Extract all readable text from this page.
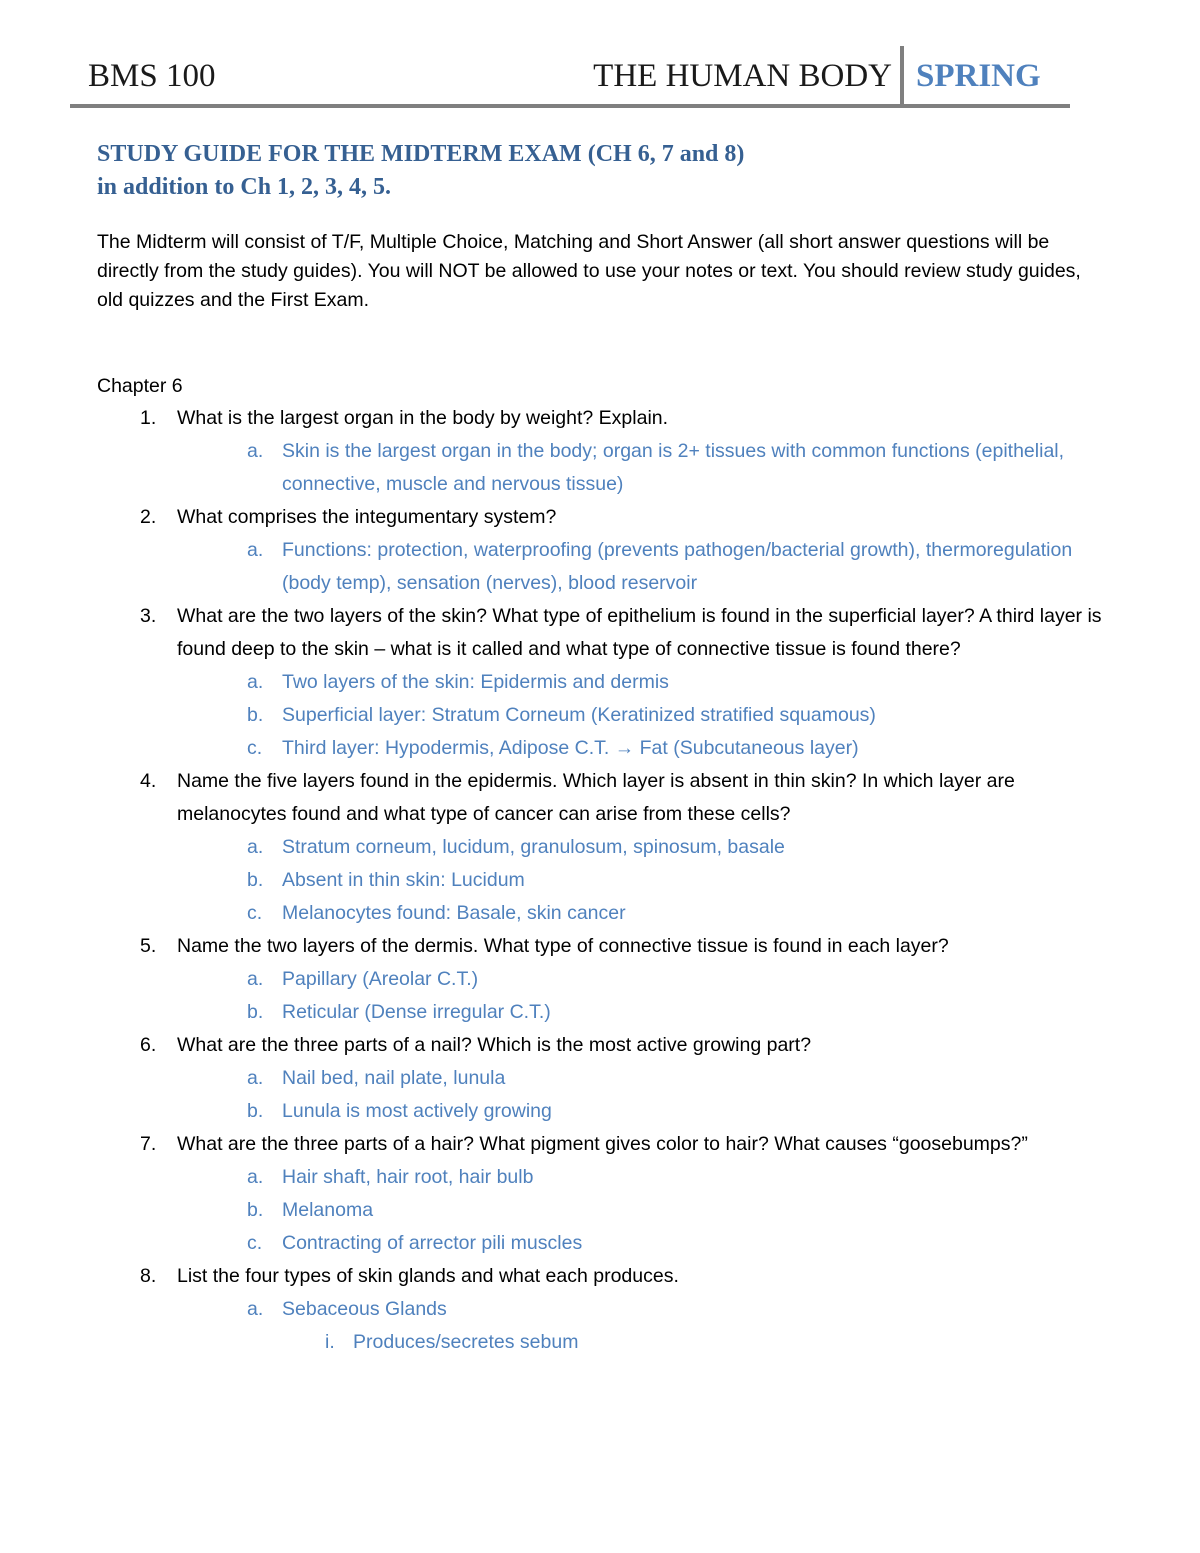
BMS 100	THE HUMAN BODY SPRING
STUDY GUIDE FOR THE MIDTERM EXAM (CH 6, 7 and 8)
in addition to Ch 1, 2, 3, 4, 5.
The Midterm will consist of T/F, Multiple Choice, Matching and Short Answer (all short answer questions will be directly from the study guides). You will NOT be allowed to use your notes or text. You should review study guides, old quizzes and the First Exam.
Chapter 6
1. What is the largest organ in the body by weight? Explain.
a. Skin is the largest organ in the body; organ is 2+ tissues with common functions (epithelial, connective, muscle and nervous tissue)
2. What comprises the integumentary system?
a. Functions: protection, waterproofing (prevents pathogen/bacterial growth), thermoregulation (body temp), sensation (nerves), blood reservoir
3. What are the two layers of the skin? What type of epithelium is found in the superficial layer? A third layer is found deep to the skin – what is it called and what type of connective tissue is found there?
a. Two layers of the skin: Epidermis and dermis
b. Superficial layer: Stratum Corneum (Keratinized stratified squamous)
c. Third layer: Hypodermis, Adipose C.T. → Fat (Subcutaneous layer)
4. Name the five layers found in the epidermis. Which layer is absent in thin skin? In which layer are melanocytes found and what type of cancer can arise from these cells?
a. Stratum corneum, lucidum, granulosum, spinosum, basale
b. Absent in thin skin: Lucidum
c. Melanocytes found: Basale, skin cancer
5. Name the two layers of the dermis. What type of connective tissue is found in each layer?
a. Papillary (Areolar C.T.)
b. Reticular (Dense irregular C.T.)
6. What are the three parts of a nail? Which is the most active growing part?
a. Nail bed, nail plate, lunula
b. Lunula is most actively growing
7. What are the three parts of a hair? What pigment gives color to hair? What causes “goosebumps?”
a. Hair shaft, hair root, hair bulb
b. Melanoma
c. Contracting of arrector pili muscles
8. List the four types of skin glands and what each produces.
a. Sebaceous Glands
i. Produces/secretes sebum
